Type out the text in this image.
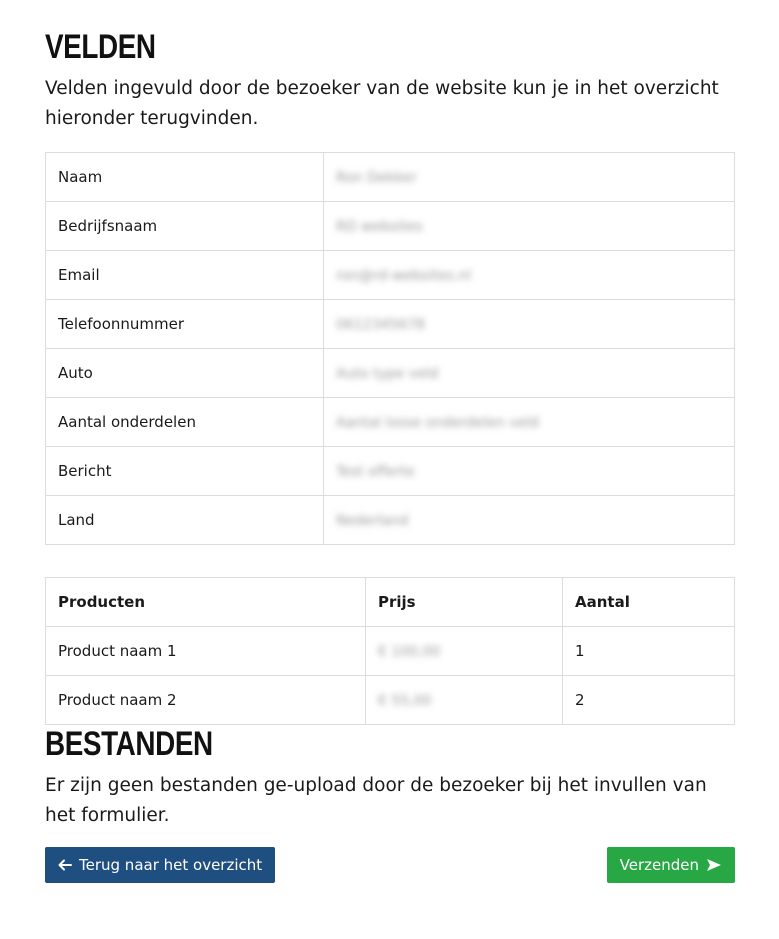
VELDEN

Velden ingevuld door de bezoeker van de website kun je in het overzicht hieronder terugvinden.

Naam	Ron Dekker
Bedrijfsnaam	RD websites
Email	ron@rd-websites.nl
Telefoonnummer	0612345678
Auto	Auto type veld
Aantal onderdelen	Aantal losse onderdelen veld
Bericht	Test offerte
Land	Nederland
Producten	Prijs	Aantal
Product naam 1	€ 100,00	1
Product naam 2	€ 55,00	2
BESTANDEN

Er zijn geen bestanden ge-upload door de bezoeker bij het invullen van het formulier.

Terug naar het overzicht	Verzenden
